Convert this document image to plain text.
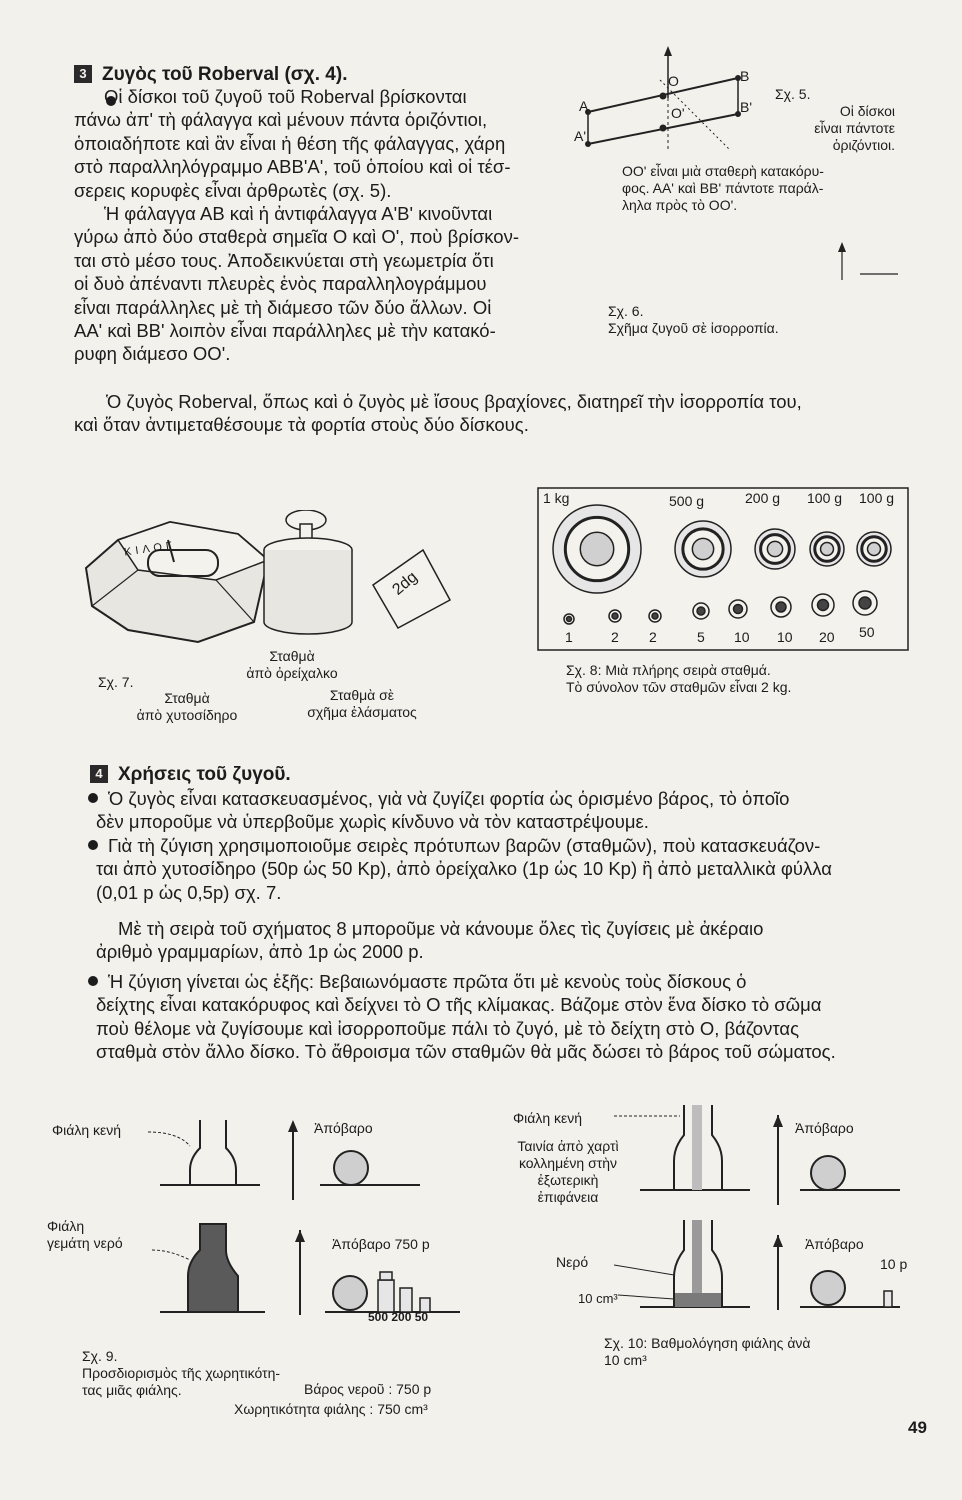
3 Ζυγὸς τοῦ Roberval (σχ. 4).
Οἱ δίσκοι τοῦ ζυγοῦ τοῦ Roberval βρίσκονται
πάνω ἀπ' τὴ φάλαγγα καὶ μένουν πάντα ὁριζόντιοι,
ὁποιαδήποτε καὶ ἂν εἶναι ἡ θέση τῆς φάλαγγας, χάρη
στὸ παραλληλόγραμμο ΑΒΒ'Α', τοῦ ὁποίου καὶ οἱ τέσ-
σερεις κορυφὲς εἶναι ἀρθρωτὲς (σχ. 5).
Ἡ φάλαγγα ΑΒ καὶ ἡ ἀντιφάλαγγα Α'Β' κινοῦνται
γύρω ἀπὸ δύο σταθερὰ σημεῖα Ο καὶ Ο', ποὺ βρίσκον-
ται στὸ μέσο τους. Ἀποδεικνύεται στὴ γεωμετρία ὅτι
οἱ δυὸ ἀπέναντι πλευρὲς ἑνὸς παραλληλογράμμου
εἶναι παράλληλες μὲ τὴ διάμεσο τῶν δύο ἄλλων. Οἱ
ΑΑ' καὶ ΒΒ' λοιπὸν εἶναι παράλληλες μὲ τὴν κατακό-
ρυφη διάμεσο ΟΟ'.
Ὁ ζυγὸς Roberval, ὅπως καὶ ὁ ζυγὸς μὲ ἴσους βραχίονες, διατηρεῖ τὴν ἰσορροπία του,
καὶ ὅταν ἀντιμεταθέσουμε τὰ φορτία στοὺς δύο δίσκους.
O
O'
A
A'
B
B'
Σχ. 5.
Οἱ δίσκοι
εἶναι πάντοτε
ὁριζόντιοι.
ΟΟ' εἶναι μιὰ σταθερὴ κατακόρυ-
φος. ΑΑ' καὶ ΒΒ' πάντοτε παράλ-
ληλα πρὸς τὸ ΟΟ'.
Σχ. 6.
Σχῆμα ζυγοῦ σὲ ἰσορροπία.
ΚΙΛΟΓ
2dg
Σχ. 7.
Σταθμὰ
ἀπὸ χυτοσίδηρο
Σταθμὰ
ἀπὸ ὀρείχαλκο
Σταθμὰ σὲ
σχῆμα ἐλάσματος
1 kg	500 g	200 g 100 g 100 g
1	2 2	5 10 10 20 50
Σχ. 8: Μιὰ πλήρης σειρὰ σταθμά.
Τὸ σύνολον τῶν σταθμῶν εἶναι 2 kg.
4 Χρήσεις τοῦ ζυγοῦ.
Ὁ ζυγὸς εἶναι κατασκευασμένος, γιὰ νὰ ζυγίζει φορτία ὡς ὁρισμένο βάρος, τὸ ὁποῖο
δὲν μποροῦμε νὰ ὑπερβοῦμε χωρὶς κίνδυνο νὰ τὸν καταστρέψουμε.
Γιὰ τὴ ζύγιση χρησιμοποιοῦμε σειρὲς πρότυπων βαρῶν (σταθμῶν), ποὺ κατασκευάζον-
ται ἀπὸ χυτοσίδηρο (50p ὡς 50 Kp), ἀπὸ ὀρείχαλκο (1p ὡς 10 Kp) ἢ ἀπὸ μεταλλικὰ φύλλα
(0,01 p ὡς 0,5p) σχ. 7.
Μὲ τὴ σειρὰ τοῦ σχήματος 8 μποροῦμε νὰ κάνουμε ὅλες τὶς ζυγίσεις μὲ ἀκέραιο
ἀριθμὸ γραμμαρίων, ἀπὸ 1p ὡς 2000 p.
Ἡ ζύγιση γίνεται ὡς ἑξῆς: Βεβαιωνόμαστε πρῶτα ὅτι μὲ κενοὺς τοὺς δίσκους ὁ
δείχτης εἶναι κατακόρυφος καὶ δείχνει τὸ Ο τῆς κλίμακας. Βάζομε στὸν ἕνα δίσκο τὸ σῶμα
ποὺ θέλομε νὰ ζυγίσουμε καὶ ἰσορροποῦμε πάλι τὸ ζυγό, μὲ τὸ δείχτη στὸ Ο, βάζοντας
σταθμὰ στὸν ἄλλο δίσκο. Τὸ ἄθροισμα τῶν σταθμῶν θὰ μᾶς δώσει τὸ βάρος τοῦ σώματος.
Φιάλη κενή	Ἀπόβαρο
Φιάλη
γεμάτη νερό	Ἀπόβαρο 750 p
500 200 50
Σχ. 9.
Προσδιορισμὸς τῆς χωρητικότη-
τας μιᾶς φιάλης.	Βάρος νεροῦ : 750 p
Χωρητικότητα φιάλης : 750 cm³
Φιάλη κενή
Ταινία ἀπὸ χαρτὶ
κολλημένη στὴν
ἐξωτερικὴ
ἐπιφάνεια
Ἀπόβαρο
Νερό
10 cm³
Ἀπόβαρο
10 p
Σχ. 10: Βαθμολόγηση φιάλης ἀνὰ
10 cm³
49
